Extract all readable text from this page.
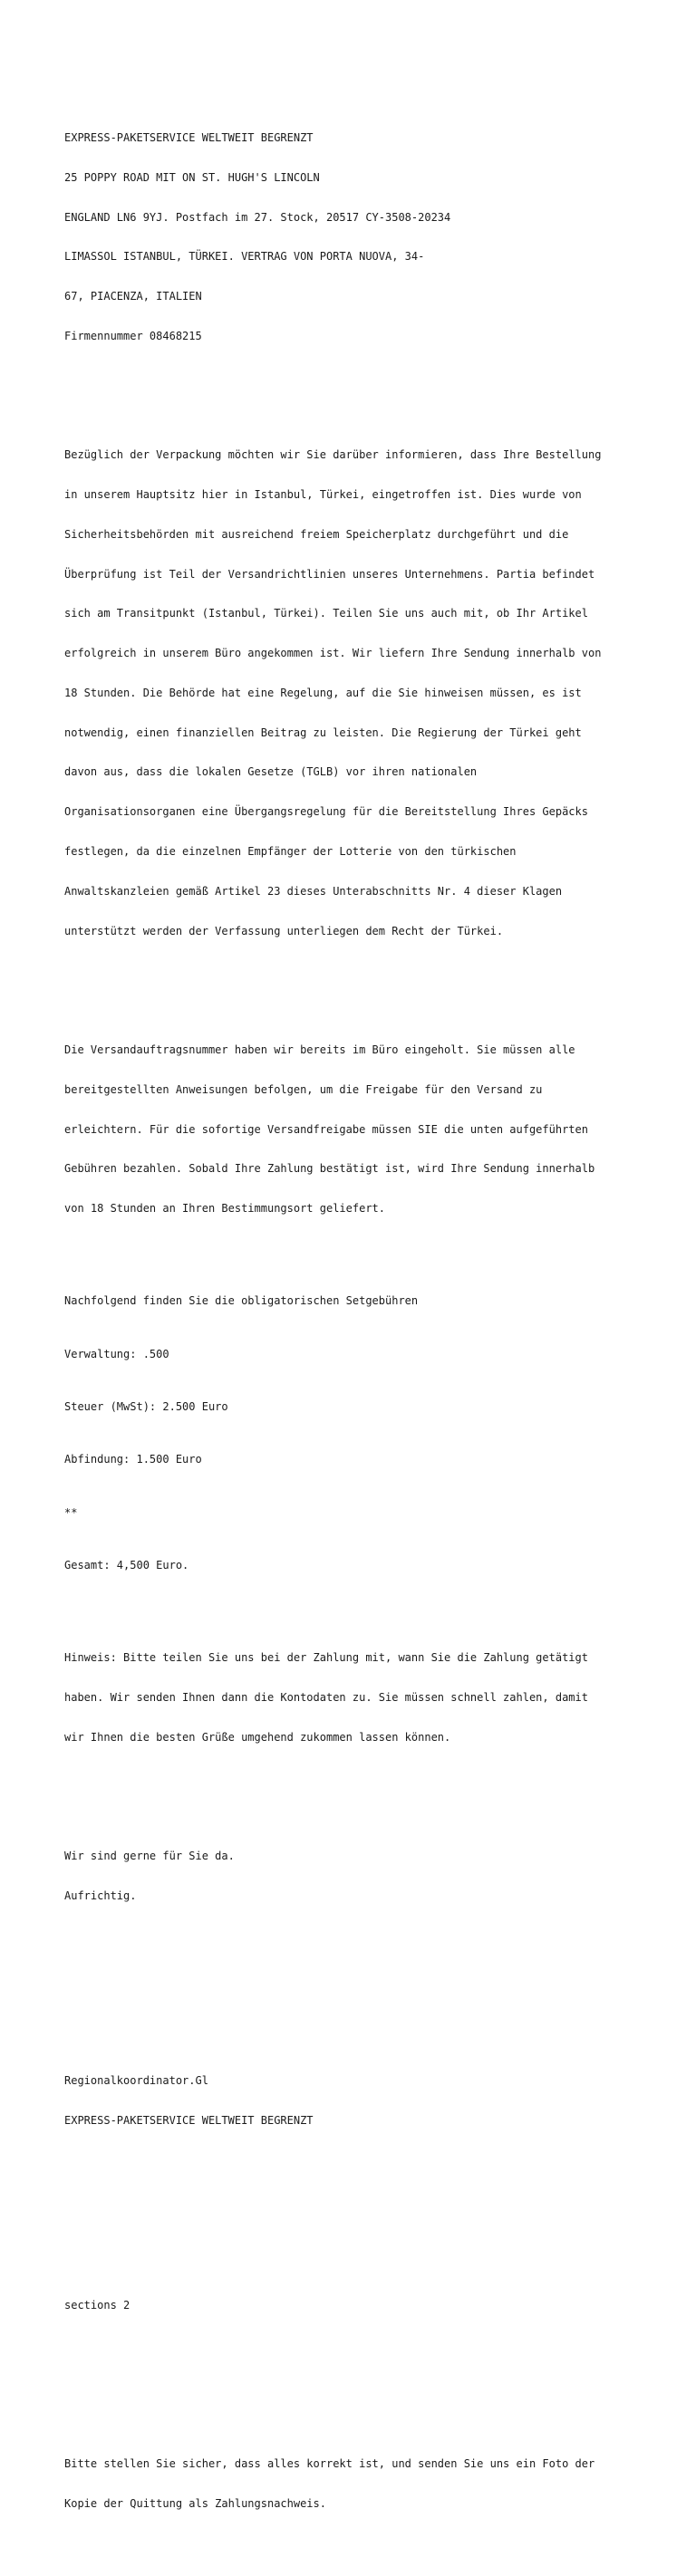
EXPRESS-PAKETSERVICE WELTWEIT BEGRENZT

25 POPPY ROAD MIT ON ST. HUGH'S LINCOLN

ENGLAND LN6 9YJ. Postfach im 27. Stock, 20517 CY-3508-20234

LIMASSOL ISTANBUL, TÜRKEI. VERTRAG VON PORTA NUOVA, 34-

67, PIACENZA, ITALIEN

Firmennummer 08468215

Bezüglich der Verpackung möchten wir Sie darüber informieren, dass Ihre Bestellung

in unserem Hauptsitz hier in Istanbul, Türkei, eingetroffen ist. Dies wurde von

Sicherheitsbehörden mit ausreichend freiem Speicherplatz durchgeführt und die

Überprüfung ist Teil der Versandrichtlinien unseres Unternehmens. Partia befindet

sich am Transitpunkt (Istanbul, Türkei). Teilen Sie uns auch mit, ob Ihr Artikel

erfolgreich in unserem Büro angekommen ist. Wir liefern Ihre Sendung innerhalb von

18 Stunden. Die Behörde hat eine Regelung, auf die Sie hinweisen müssen, es ist

notwendig, einen finanziellen Beitrag zu leisten. Die Regierung der Türkei geht

davon aus, dass die lokalen Gesetze (TGLB) vor ihren nationalen

Organisationsorganen eine Übergangsregelung für die Bereitstellung Ihres Gepäcks

festlegen, da die einzelnen Empfänger der Lotterie von den türkischen

Anwaltskanzleien gemäß Artikel 23 dieses Unterabschnitts Nr. 4 dieser Klagen

unterstützt werden der Verfassung unterliegen dem Recht der Türkei.

Die Versandauftragsnummer haben wir bereits im Büro eingeholt. Sie müssen alle

bereitgestellten Anweisungen befolgen, um die Freigabe für den Versand zu

erleichtern. Für die sofortige Versandfreigabe müssen SIE die unten aufgeführten

Gebühren bezahlen. Sobald Ihre Zahlung bestätigt ist, wird Ihre Sendung innerhalb

von 18 Stunden an Ihren Bestimmungsort geliefert.

Nachfolgend finden Sie die obligatorischen Setgebühren

Verwaltung: .500

Steuer (MwSt): 2.500 Euro

Abfindung: 1.500 Euro

**

Gesamt: 4,500 Euro.

Hinweis: Bitte teilen Sie uns bei der Zahlung mit, wann Sie die Zahlung getätigt

haben. Wir senden Ihnen dann die Kontodaten zu. Sie müssen schnell zahlen, damit

wir Ihnen die besten Grüße umgehend zukommen lassen können.

Wir sind gerne für Sie da.

Aufrichtig.

Regionalkoordinator.Gl

EXPRESS-PAKETSERVICE WELTWEIT BEGRENZT

sections 2

Bitte stellen Sie sicher, dass alles korrekt ist, und senden Sie uns ein Foto der

Kopie der Quittung als Zahlungsnachweis.
